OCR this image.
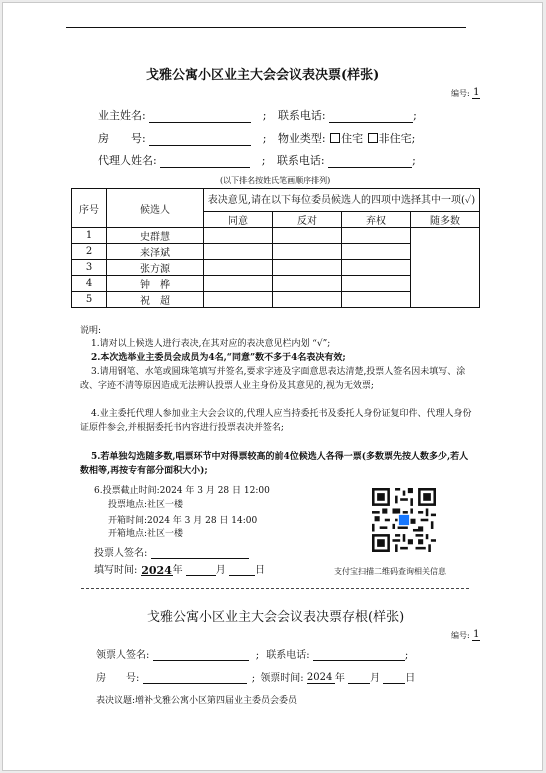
戈雅公寓小区业主大会会议表决票(样张)
编号: 1
业主姓名:	; 联系电话:	;
房　　号:	; 物业类型: 住宅 非住宅;
代理人姓名:	; 联系电话:	;
(以下排名按姓氏笔画顺序排列)
序号	候选人	表决意见,请在以下每位委员候选人的四项中选择其中一项(✓)			
		同意	反对	弃权	随多数
1	史群慧				
2	来泽斌				
3	张方源				
4	钟　桦				
5	祝　超				
说明:
1.请对以上候选人进行表决,在其对应的表决意见栏内划 “√”;
2.本次选举业主委员会成员为4名,“同意”数不多于4名表决有效;
3.请用钢笔、水笔或圆珠笔填写并签名,要求字迹及字面意思表达清楚,投票人签名因未填写、涂改、字迹不清等原因造成无法辨认投票人业主身份及其意见的,视为无效票;
4.业主委托代理人参加业主大会会议的,代理人应当持委托书及委托人身份证复印件、代理人身份证原件参会,并根据委托书内容进行投票表决并签名;
5.若单独勾选随多数,唱票环节中对得票较高的前4位候选人各得一票(多数票先按人数多少,若人数相等,再按专有部分面积大小);
6.投票截止时间:2024 年 3 月 28 日 12:00
投票地点:社区一楼
开箱时间:2024 年 3 月 28 日 14:00
开箱地点:社区一楼
投票人签名:
填写时间: 2024年	月	日	支付宝扫描二维码查询相关信息
戈雅公寓小区业主大会会议表决票存根(样张)
编号: 1
领票人签名:	; 联系电话:	;
房　　号:	; 领票时间: 2024 年	月	日
表决议题:增补戈雅公寓小区第四届业主委员会委员
